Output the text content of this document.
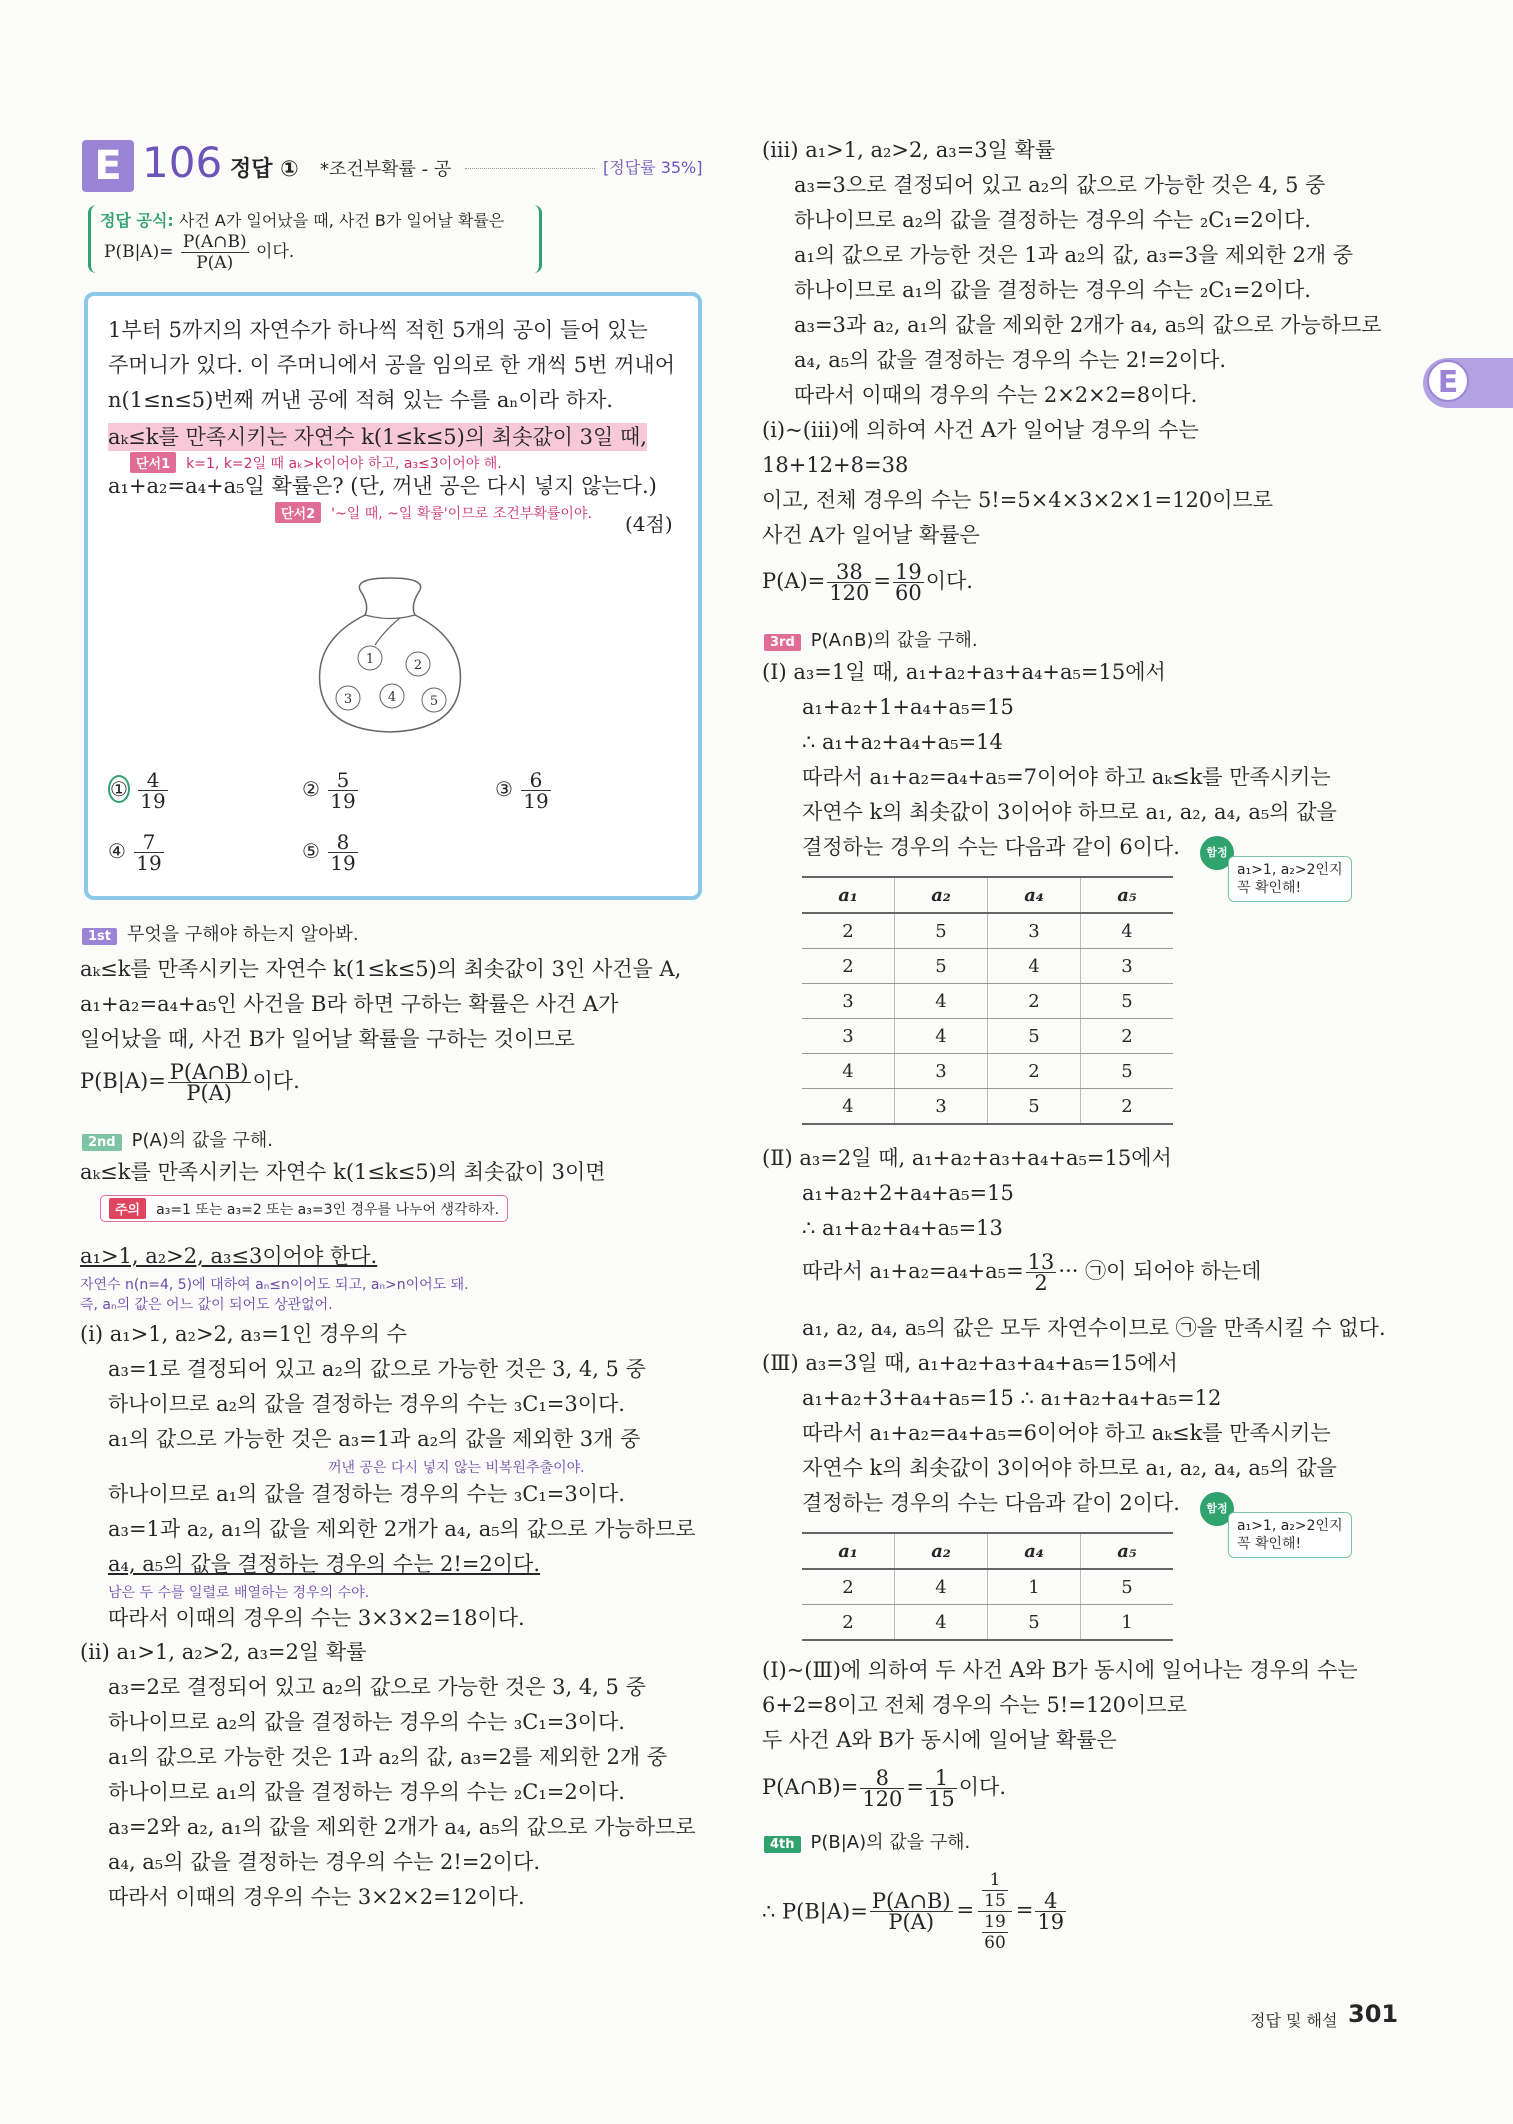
E 106 정답 ① *조건부확률 - 공	[정답률 35%]
정답 공식: 사건 A가 일어났을 때, 사건 B가 일어날 확률은
$P(B|A)= \frac{P(A\cap B)}{P(A)}$ 이다.
1부터 5까지의 자연수가 하나씩 적힌 5개의 공이 들어 있는
주머니가 있다. 이 주머니에서 공을 임의로 한 개씩 5번 꺼내어
n(1≤n≤5)번째 꺼낸 공에 적혀 있는 수를 aₙ이라 하자.
aₖ≤k를 만족시키는 자연수 k(1≤k≤5)의 최솟값이 3일 때,
단서1 k=1, k=2일 때 aₖ>k이어야 하고, a₃≤3이어야 해.
a₁+a₂=a₄+a₅일 확률은? (단, 꺼낸 공은 다시 넣지 않는다.)
단서2 '~일 때, ~일 확률'이므로 조건부확률이야. (4점)
1	2
3	4	5
① $\frac{4}{19}$	② $\frac{5}{19}$	③ $\frac{6}{19}$
④ $\frac{7}{19}$	⑤ $\frac{8}{19}$
1st 무엇을 구해야 하는지 알아봐.
aₖ≤k를 만족시키는 자연수 k(1≤k≤5)의 최솟값이 3인 사건을 A,
a₁+a₂=a₄+a₅인 사건을 B라 하면 구하는 확률은 사건 A가
일어났을 때, 사건 B가 일어날 확률을 구하는 것이므로
$P(B|A)= \frac{P(A\cap B)}{P(A)}$ 이다.
2nd P(A)의 값을 구해.
aₖ≤k를 만족시키는 자연수 k(1≤k≤5)의 최솟값이 3이면
주의 a₃=1 또는 a₃=2 또는 a₃=3인 경우를 나누어 생각하자.
a₁>1, a₂>2, a₃≤3이어야 한다.
자연수 n(n=4, 5)에 대하여 aₙ≤n이어도 되고, aₙ>n이어도 돼.
즉, aₙ의 값은 어느 값이 되어도 상관없어.
(i) a₁>1, a₂>2, a₃=1인 경우의 수
a₃=1로 결정되어 있고 a₂의 값으로 가능한 것은 3, 4, 5 중
하나이므로 a₂의 값을 결정하는 경우의 수는 ₃C₁=3이다.
a₁의 값으로 가능한 것은 a₃=1과 a₂의 값을 제외한 3개 중
꺼낸 공은 다시 넣지 않는 비복원추출이야.
하나이므로 a₁의 값을 결정하는 경우의 수는 ₃C₁=3이다.
a₃=1과 a₂, a₁의 값을 제외한 2개가 a₄, a₅의 값으로 가능하므로
a₄, a₅의 값을 결정하는 경우의 수는 2!=2이다.
남은 두 수를 일렬로 배열하는 경우의 수야.
따라서 이때의 경우의 수는 3×3×2=18이다.
(ii) a₁>1, a₂>2, a₃=2일 확률
a₃=2로 결정되어 있고 a₂의 값으로 가능한 것은 3, 4, 5 중
하나이므로 a₂의 값을 결정하는 경우의 수는 ₃C₁=3이다.
a₁의 값으로 가능한 것은 1과 a₂의 값, a₃=2를 제외한 2개 중
하나이므로 a₁의 값을 결정하는 경우의 수는 ₂C₁=2이다.
a₃=2와 a₂, a₁의 값을 제외한 2개가 a₄, a₅의 값으로 가능하므로
a₄, a₅의 값을 결정하는 경우의 수는 2!=2이다.
따라서 이때의 경우의 수는 3×2×2=12이다.
(iii) a₁>1, a₂>2, a₃=3일 확률
a₃=3으로 결정되어 있고 a₂의 값으로 가능한 것은 4, 5 중
하나이므로 a₂의 값을 결정하는 경우의 수는 ₂C₁=2이다.
a₁의 값으로 가능한 것은 1과 a₂의 값, a₃=3을 제외한 2개 중
하나이므로 a₁의 값을 결정하는 경우의 수는 ₂C₁=2이다.
a₃=3과 a₂, a₁의 값을 제외한 2개가 a₄, a₅의 값으로 가능하므로
a₄, a₅의 값을 결정하는 경우의 수는 2!=2이다.
따라서 이때의 경우의 수는 2×2×2=8이다.
(i)~(iii)에 의하여 사건 A가 일어날 경우의 수는
18+12+8=38
이고, 전체 경우의 수는 5!=5×4×3×2×1=120이므로
사건 A가 일어날 확률은
$P(A)= \frac{38}{120} = \frac{19}{60}$ 이다.
3rd P(A∩B)의 값을 구해.
(Ⅰ) a₃=1일 때, a₁+a₂+a₃+a₄+a₅=15에서
a₁+a₂+1+a₄+a₅=15
∴ a₁+a₂+a₄+a₅=14
따라서 a₁+a₂=a₄+a₅=7이어야 하고 aₖ≤k를 만족시키는
자연수 k의 최솟값이 3이어야 하므로 a₁, a₂, a₄, a₅의 값을
결정하는 경우의 수는 다음과 같이 6이다.	함정
a₁>1, a₂>2인지
꼭 확인해!
a₁	a₂	a₄	a₅
2	5	3	4
2	5	4	3
3	4	2	5
3	4	5	2
4	3	2	5
4	3	5	2
(Ⅱ) a₃=2일 때, a₁+a₂+a₃+a₄+a₅=15에서
a₁+a₂+2+a₄+a₅=15
∴ a₁+a₂+a₄+a₅=13
따라서 $a_1+a_2=a_4+a_5= \frac{13}{2}$ ··· ㉠이 되어야 하는데
a₁, a₂, a₄, a₅의 값은 모두 자연수이므로 ㉠을 만족시킬 수 없다.
(Ⅲ) a₃=3일 때, a₁+a₂+a₃+a₄+a₅=15에서
a₁+a₂+3+a₄+a₅=15 ∴ a₁+a₂+a₄+a₅=12
따라서 a₁+a₂=a₄+a₅=6이어야 하고 aₖ≤k를 만족시키는
자연수 k의 최솟값이 3이어야 하므로 a₁, a₂, a₄, a₅의 값을
결정하는 경우의 수는 다음과 같이 2이다.	함정
a₁>1, a₂>2인지
꼭 확인해!
a₁	a₂	a₄	a₅
2	4	1	5
2	4	5	1
(Ⅰ)~(Ⅲ)에 의하여 두 사건 A와 B가 동시에 일어나는 경우의 수는
6+2=8이고 전체 경우의 수는 5!=120이므로
두 사건 A와 B가 동시에 일어날 확률은
P(A∩B)= $\frac{8}{120} = \frac{1}{15}$ 이다.
4th P(B|A)의 값을 구해.
∴ $P(B|A)= \frac{P(A\cap B)}{P(A)} = \frac{\frac{1}{15}}{\frac{19}{60}} = \frac{4}{19}$
E
정답 및 해설 301
